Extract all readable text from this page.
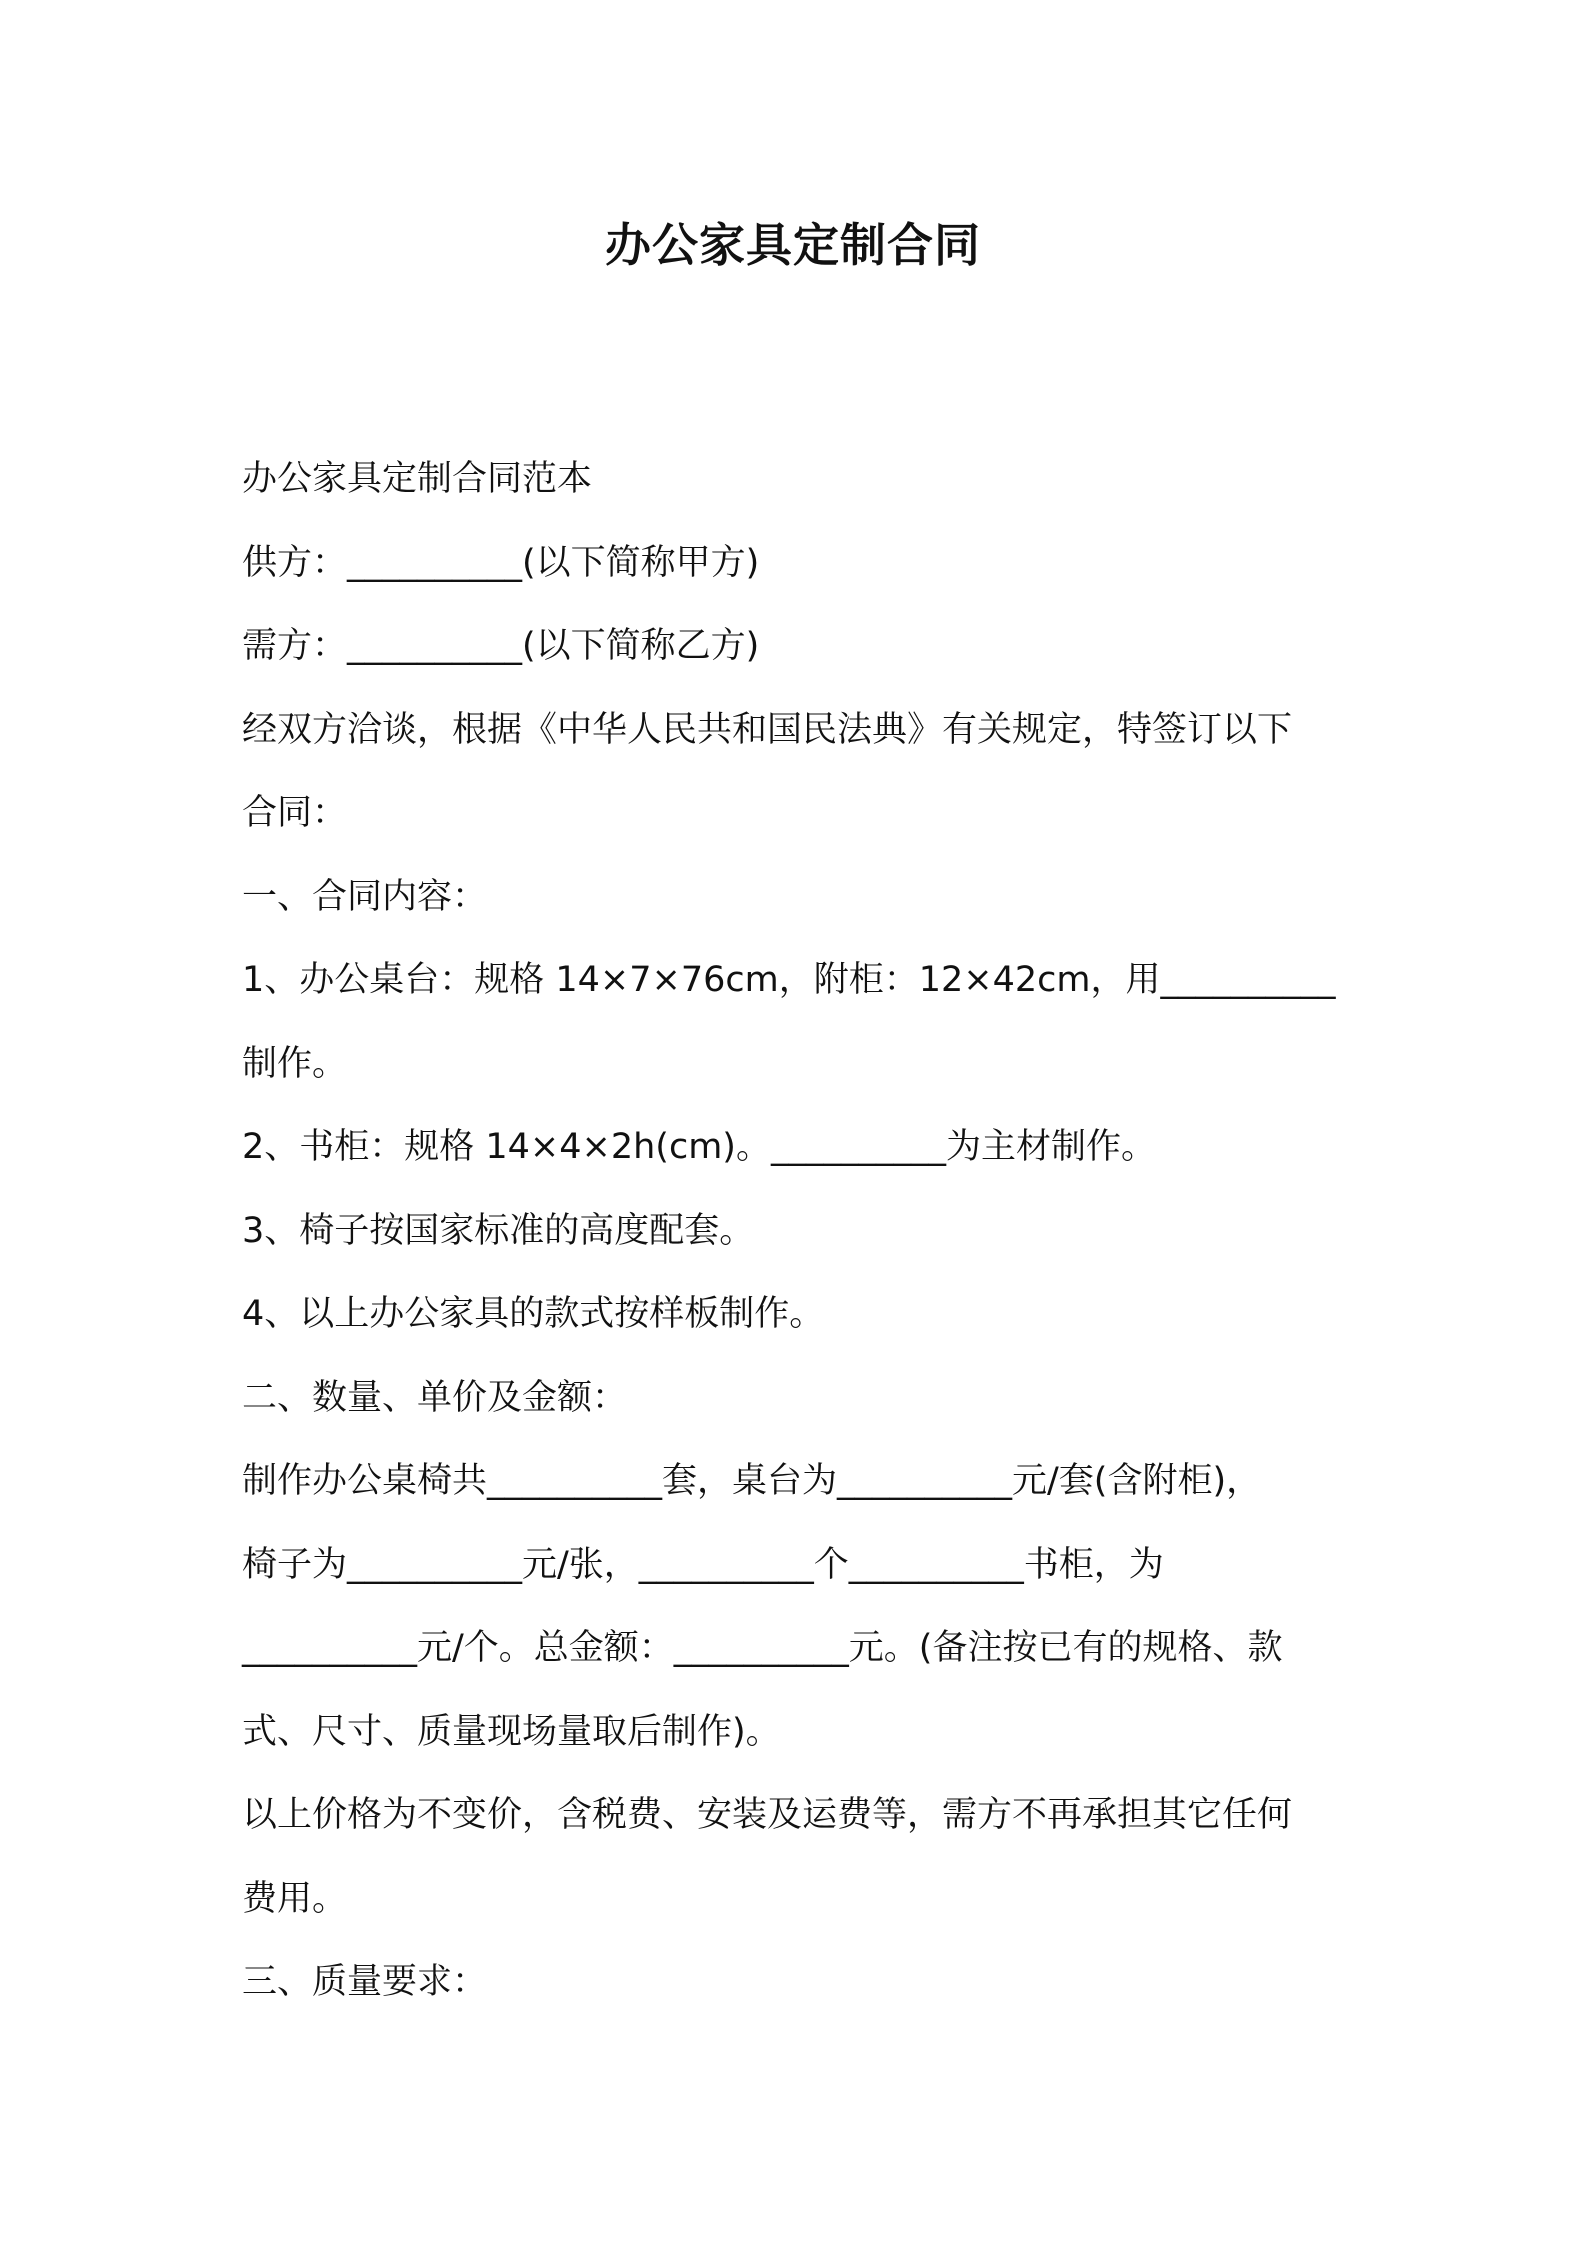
办公家具定制合同
办公家具定制合同范本
供方：__________(以下简称甲方)
需方：__________(以下简称乙方)
经双方洽谈，根据《中华人民共和国民法典》有关规定，特签订以下
合同：
一、合同内容：
1、办公桌台：规格 14×7×76cm，附柜：12×42cm，用__________
制作。
2、书柜：规格 14×4×2h(cm)。__________为主材制作。
3、椅子按国家标准的高度配套。
4、以上办公家具的款式按样板制作。
二、数量、单价及金额：
制作办公桌椅共__________套，桌台为__________元/套(含附柜)，
椅子为__________元/张，__________个__________书柜，为
__________元/个。总金额：__________元。(备注按已有的规格、款
式、尺寸、质量现场量取后制作)。
以上价格为不变价，含税费、安装及运费等，需方不再承担其它任何
费用。
三、质量要求：
